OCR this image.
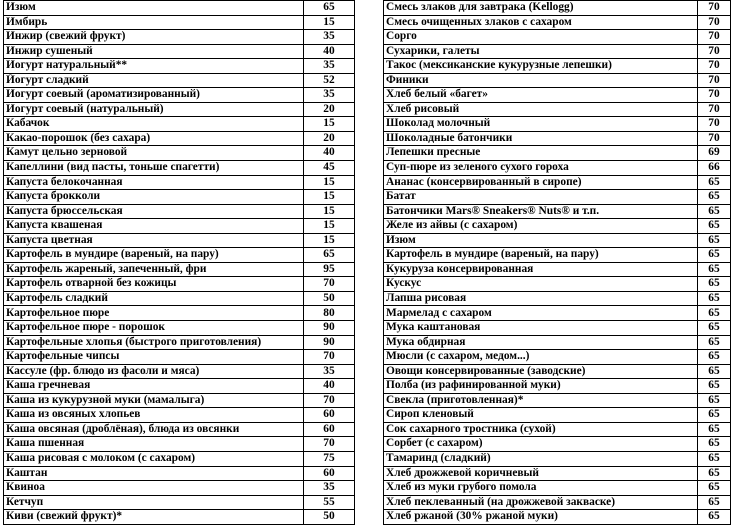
Изюм	65
Имбирь	15
Инжир (свежий фрукт)	35
Инжир сушеный	40
Иогурт натуральный**	35
Йогурт сладкий	52
Иогурт соевый (ароматизированный)	35
Иогурт соевый (натуральный)	20
Кабачок	15
Какао-порошок (без сахара)	20
Камут цельно зерновой	40
Капеллини (вид пасты, тоньше спагетти)	45
Капуста белокочанная	15
Капуста брокколи	15
Капуста брюссельская	15
Капуста квашеная	15
Капуста цветная	15
Картофель в мундире (вареный, на пару)	65
Картофель жареный, запеченный, фри	95
Картофель отварной без кожицы	70
Картофель сладкий	50
Картофельное пюре	80
Картофельное пюре - порошок	90
Картофельные хлопья (быстрого приготовления)	90
Картофельные чипсы	70
Кассуле (фр. блюдо из фасоли и мяса)	35
Каша гречневая	40
Каша из кукурузной муки (мамалыга)	70
Каша из овсяных хлопьев	60
Каша овсяная (дроблёная), блюда из овсянки	60
Каша пшенная	70
Каша рисовая с молоком (с сахаром)	75
Каштан	60
Квиноа	35
Кетчуп	55
Киви (свежий фрукт)*	50
Смесь злаков для завтрака (Kellogg)	70
Смесь очищенных злаков с сахаром	70
Сорго	70
Сухарики, галеты	70
Такос (мексиканские кукурузные лепешки)	70
Финики	70
Хлеб белый «багет»	70
Хлеб рисовый	70
Шоколад молочный	70
Шоколадные батончики	70
Лепешки пресные	69
Суп-пюре из зеленого сухого гороха	66
Ананас (консервированный в сиропе)	65
Батат	65
Батончики Mars® Sneakers® Nuts® и т.п.	65
Желе из айвы (с сахаром)	65
Изюм	65
Картофель в мундире (вареный, на пару)	65
Кукуруза консервированная	65
Кускус	65
Лапша рисовая	65
Мармелад с сахаром	65
Мука каштановая	65
Мука обдирная	65
Мюсли (с сахаром, медом...)	65
Овощи консервированные (заводские)	65
Полба (из рафинированной муки)	65
Свекла (приготовленная)*	65
Сироп кленовый	65
Сок сахарного тростника (сухой)	65
Сорбет (с сахаром)	65
Тамаринд (сладкий)	65
Хлеб дрожжевой коричневый	65
Хлеб из муки грубого помола	65
Хлеб пеклеванный (на дрожжевой закваске)	65
Хлеб ржаной (30% ржаной муки)	65
